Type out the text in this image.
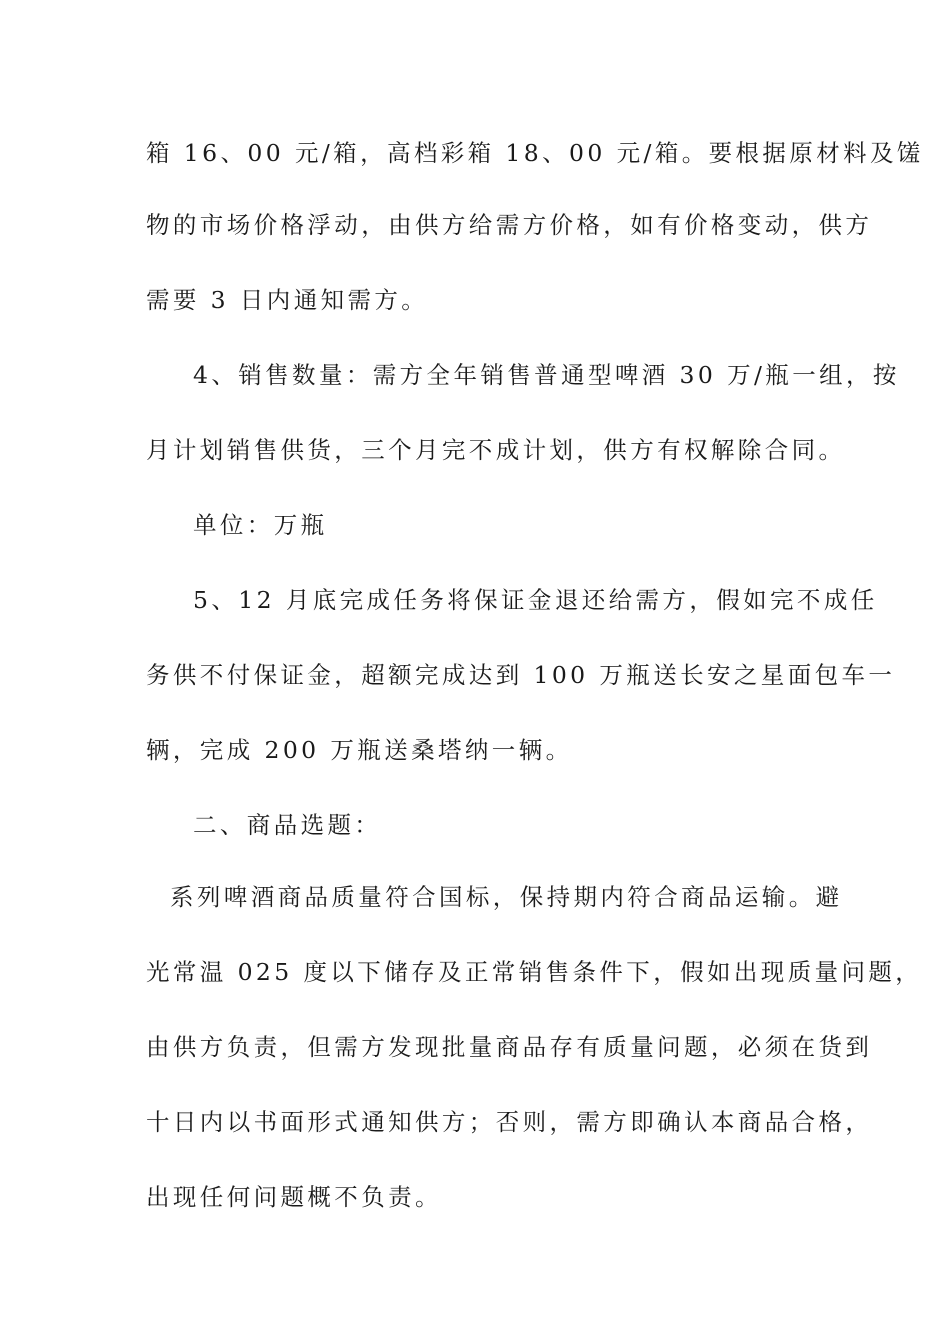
箱 16、00 元/箱，高档彩箱 18、00 元/箱。要根据原材料及馐
物的市场价格浮动，由供方给需方价格，如有价格变动，供方
需要 3 日内通知需方。
4、销售数量：需方全年销售普通型啤酒 30 万/瓶一组，按
月计划销售供货，三个月完不成计划，供方有权解除合同。
单位：万瓶
5、12 月底完成任务将保证金退还给需方，假如完不成任
务供不付保证金，超额完成达到 100 万瓶送长安之星面包车一
辆，完成 200 万瓶送桑塔纳一辆。
二、商品选题：
系列啤酒商品质量符合国标，保持期内符合商品运输。避
光常温 025 度以下储存及正常销售条件下，假如出现质量问题，
由供方负责，但需方发现批量商品存有质量问题，必须在货到
十日内以书面形式通知供方；否则，需方即确认本商品合格，
出现任何问题概不负责。
